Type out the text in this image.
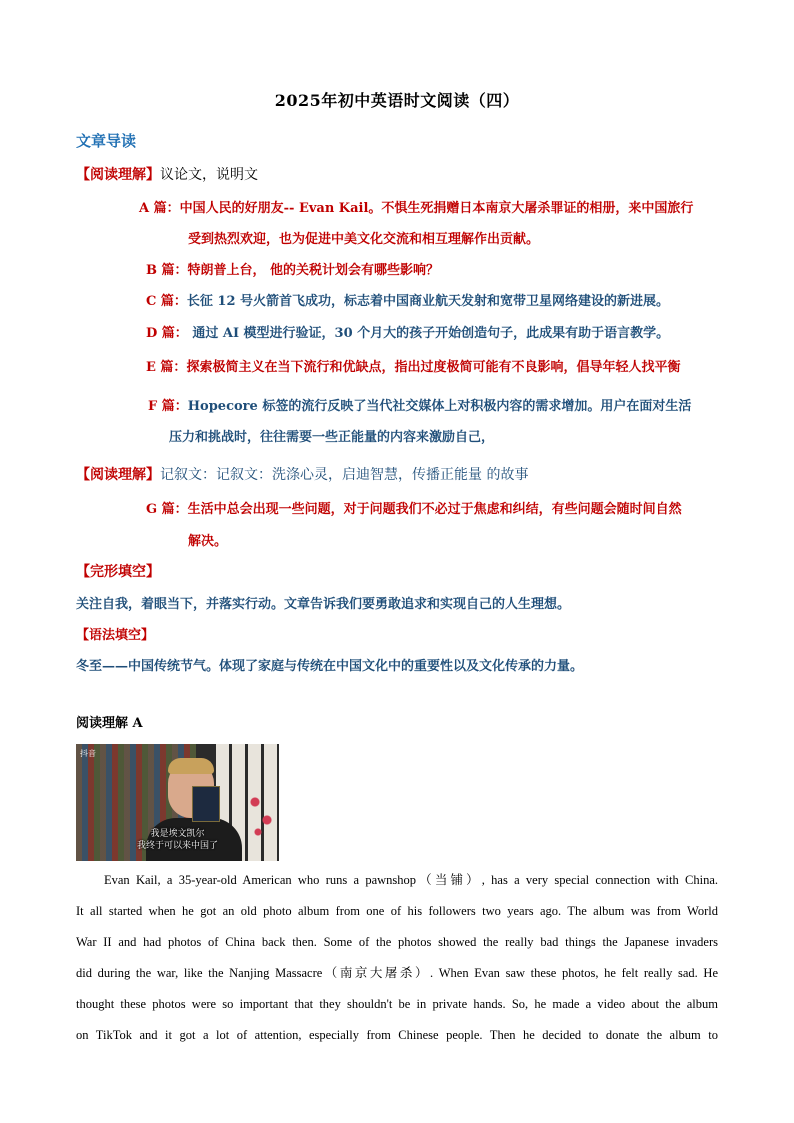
2025年初中英语时文阅读（四）
文章导读
【阅读理解】议论文，说明文
A 篇：中国人民的好朋友-- Evan Kail。不惧生死捐赠日本南京大屠杀罪证的相册，来中国旅行
受到热烈欢迎，也为促进中美文化交流和相互理解作出贡献。
B 篇：特朗普上台， 他的关税计划会有哪些影响？
C 篇：长征 12 号火箭首飞成功，标志着中国商业航天发射和宽带卫星网络建设的新进展。
D 篇： 通过 AI 模型进行验证，30 个月大的孩子开始创造句子，此成果有助于语言教学。
E 篇：探索极简主义在当下流行和优缺点，指出过度极简可能有不良影响，倡导年轻人找平衡
F 篇：Hopecore 标签的流行反映了当代社交媒体上对积极内容的需求增加。用户在面对生活
压力和挑战时，往往需要一些正能量的内容来激励自己，
【阅读理解】记叙文：记叙文：洗涤心灵，启迪智慧，传播正能量 的故事
G 篇：生活中总会出现一些问题，对于问题我们不必过于焦虑和纠结，有些问题会随时间自然
解决。
【完形填空】
关注自我，着眼当下，并落实行动。文章告诉我们要勇敢追求和实现自己的人生理想。
【语法填空】
冬至——中国传统节气。体现了家庭与传统在中国文化中的重要性以及文化传承的力量。
阅读理解 A
抖音
我是埃文凯尔
我终于可以来中国了
Evan Kail, a 35-year-old American who runs a pawnshop（当铺）, has a very special connection with China.
It all started when he got an old photo album from one of his followers two years ago. The album was from World
War II and had photos of China back then. Some of the photos showed the really bad things the Japanese invaders
did during the war, like the Nanjing Massacre（南京大屠杀）. When Evan saw these photos, he felt really sad. He
thought these photos were so important that they shouldn't be in private hands. So, he made a video about the album
on TikTok and it got a lot of attention, especially from Chinese people. Then he decided to donate the album to
